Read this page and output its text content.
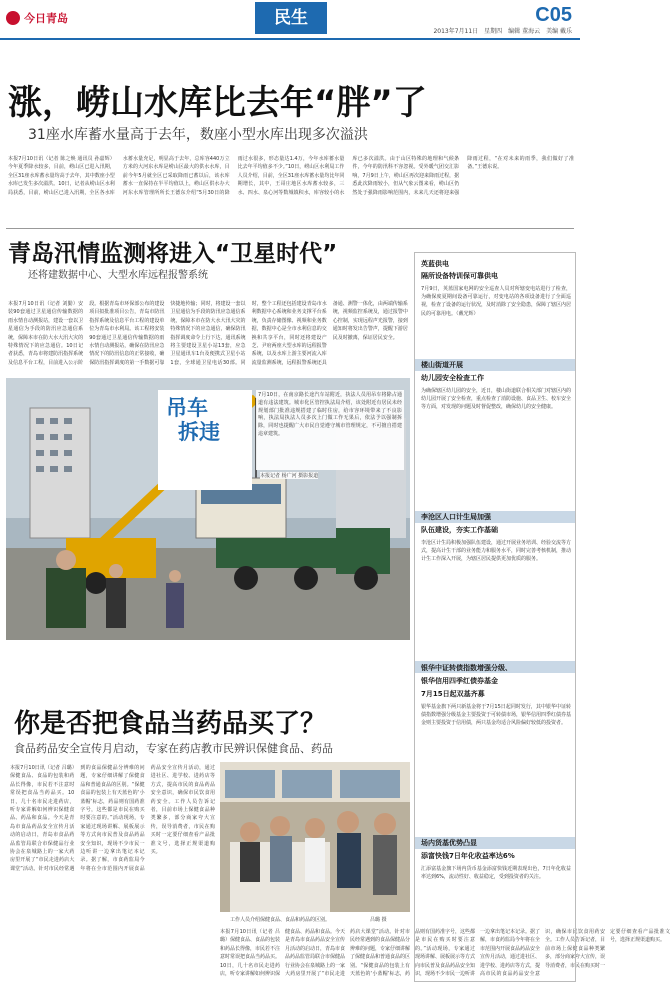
今日青岛	民生	C05
2013年7月11日　星期四　编辑 董海云　美编 戴乐
涨，崂山水库比去年“胖”了
31座水库蓄水量高于去年，数座小型水库出现多次溢洪
本报7月10日讯（记者 陈之焕 通讯员 孙嘉辉）今年夏季降水较多，目前，崂山区已进入汛期，全区31座水库蓄水量均高于去年，其中数座小型水库已发生多次溢洪。10日，记者从崂山区水利局获悉，目前，崂山区已进入汛期，全区各水库水蓄水量充足，明显高于去年，总库容440万立方米的大河东水库是崂山区最大的供水水库，目前今年5月就全区已采取降雨已蓄以后，该水库蓄水一直保持在半平均值以上，崂山区供水办大河东水库管理所所长王德东介绍“5月30日的降雨过水很多，形态量达1.4万，今年水库蓄水量比去年平均值多不少。”10日，崂山区水利局工作人员介绍，目前，全区31座水库蓄水量均比年同期增长，其中，王哥庄地区水库蓄水较多，三水、四水、泉心河等数城镇积水，库容较小的水库已多次溢洪。由于山区特殊的地理和气候条件，今年的防汛科不容忽视。受外暖气团交汇影响，7月9日上午，崂山区再次迎来降雨过程，据悉此次降雨较小，但从气象云图来看，崂山区仍然处于强降雨影响范围内，未来几天还将迎来强降雨过程，“在对未来的雨季，我们做好了准备。”王德东说。
青岛汛情监测将进入“卫星时代”
还将建数据中心、大型水库远程报警系统
本报7月10日讯（记者 刘勤）安装90套通过卫星通信传输数据的雨水情自动测报站，建设一套以卫星通信为手段的防汛应急通信系统，保障本市在防大水大汛大灾的特殊情况下的应急通信。10日记者获悉，青岛市将建防汛指挥系统及信息平台工程，目前进入公示阶段。根据青岛市环保部公布的建设项目拟批准项目公告，青岛市防汛指挥系统及信息平台工程的建设单位为青岛市水利局。该工程将安装90套通过卫星通信传输数据的雨水情自动测报站，确保在防汛应急情况下的防汛信息的正常接收，确保防汛指挥调度的第一手数据可靠快捷地传输；同时，将建设一套以卫星通信为手段的防汛应急通信系统，保障本市在防大水大汛大灾的特殊情况下的应急通信，确保防汛指挥调度命令上行下达，通讯系统将主要建设卫星小站13套，应急卫星通讯车1台及便携式卫星小站1套，全球通卫星电话30部。同时，整个工程还包括建设青岛市水利数据中心系统和业务支撑平台系统，负责存储图像、视频和业务数据，数据中心是全市水利信息的交换和共享平台，同时还将建设产芝、尹府两座大型水库的远程报警系统，以及水库上游主要河流入库流量监测系统，远程报警系统还具备通、测警一体化，由两端传输系统，视频监控系统及，通过报警中心控制，实现远程声光报警，接到通知时将发出告警声，提醒下游居民及时撤离，保证居民安全。
吊车
拆违
7月10日，在南京路长途汽车站附近，执法人员用吊车将除占通道有违法建筑。城市化区管控执法局介绍，该处附近有居民未经规划部门批准违规搭建了临时住房，给市容环境带来了不良影响，执法局执法人员多次上门做工作无果后，依法予以强制拆除，同时也提醒广大市民自觉遵守城市管理规定，不可擅自搭建违章建筑。
本报记者 杨广河 摄影报道
你是否把食品当药品买了？
食品药品安全宣传月启动，专家在药店教市民辨识保健食品、药品
本报7月10日讯（记者 吕璐）保健食品、食品的包装和药品长得像，市民若不注意时常误把食品当药品买。10日，几十名市民走进药店，听专家讲解如何辨识保健食品、药品和食品。今天是青岛市食品药品安全宣传月活动的启动日，青岛市食品药品监管局联合市保健品行业协会在泉城路上的一家大药房里开展了“市民走进药店大课堂”活动。针对市民经常遇到的食品保健品分辨难的问题，专家仔细讲解了保健食品和普通食品的区别。“保健食品的包装上有天蓝色的‘小蓝帽’标志，药品则有国药准字号，这些都是市民在购买时要注意的。”活动现场，专家通过现场讲解、展板展示等方式向市民普及食品药品安全知识，现场不少市民一边听讲一边拿出笔记本记录。据了解，市食药监局今年将在全市范围内开展食品药品安全宣传月活动，通过进社区、进学校、进药店等方式，提高市民的食品药品安全意识，确保市民饮食用药安全。工作人员告诉记者，目前市场上保健食品种类繁多，部分商家夸大宣传，误导消费者，市民在购买时一定要仔细查看产品批准文号，选择正规渠道购买。
工作人员介绍保健食品、食品和药品的区别。	吕璐 摄
本报7月10日讯（记者 吕璐）保健食品、食品的包装和药品长得像，市民若不注意时常误把食品当药品买。10日，几十名市民走进药店，听专家讲解如何辨识保健食品、药品和食品。今天是青岛市食品药品安全宣传月活动的启动日，青岛市食品药品监管局联合市保健品行业协会在泉城路上的一家大药房里开展了“市民走进药店大课堂”活动。针对市民经常遇到的食品保健品分辨难的问题，专家仔细讲解了保健食品和普通食品的区别。“保健食品的包装上有天蓝色的‘小蓝帽’标志，药品则有国药准字号，这些都是市民在购买时要注意的。”活动现场，专家通过现场讲解、展板展示等方式向市民普及食品药品安全知识，现场不少市民一边听讲一边拿出笔记本记录。据了解，市食药监局今年将在全市范围内开展食品药品安全宣传月活动，通过进社区、进学校、进药店等方式，提高市民的食品药品安全意识，确保市民饮食用药安全。工作人员告诉记者，目前市场上保健食品种类繁多，部分商家夸大宣传，误导消费者，市民在购买时一定要仔细查看产品批准文号，选择正规渠道购买。
英蓝供电
隔所设备特训保可靠供电
7月9日，英蓝国家电网的安全巡查人员对所辖变电站进行了检查，为确保度夏期间设备可靠运行，对变电站的各项设备进行了全面巡视，检查了设备的运行状况，及时消除了安全隐患，保障了辖区内居民的可靠用电。（戴光辉）
楼山街道开展
幼儿园安全检查工作
为确保辖区幼儿园的安全，近日，楼山街道联合相关部门对辖区内的幼儿园开展了安全检查，重点检查了消防设施、食品卫生、校车安全等方面，对发现的问题及时督促整改，确保幼儿的安全健康。
李沧区人口计生局加强
队伍建设，夯实工作基础
李沧区计生局积极加强队伍建设，通过开展业务培训、经验交流等方式，提高计生干部的业务能力和服务水平，同时完善考核机制，推动计生工作深入开展，为辖区居民提供更加优质的服务。
银华中证转债指数增强分级、
银华信用四季红债券基金
7月15日起双基齐募
银华基金旗下两只新基金将于7月15日起同时发行，其中银华中证转债指数增强分级基金主要投资于可转债市场，银华信用四季红债券基金则主要投资于信用债，两只基金均适合风险偏好较低的投资者。
场内货基优势凸显
添富快钱7日年化收益率达6%
汇添富基金旗下场内货币基金添富快钱近期表现出色，7日年化收益率达到6%，流动性好、收益稳定，受到投资者的关注。
